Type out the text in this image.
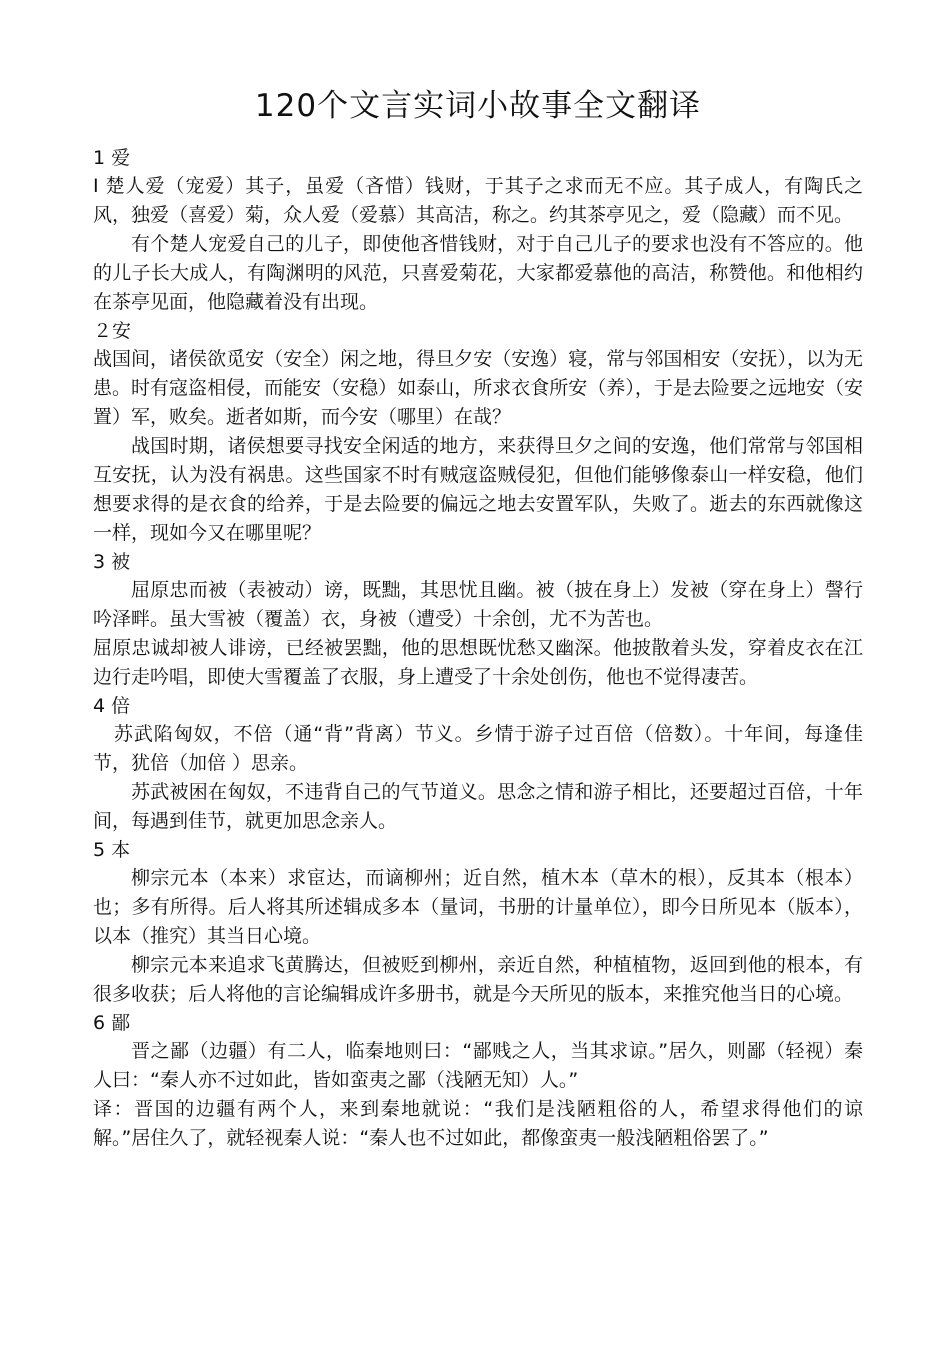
120个文言实词小故事全文翻译

1 爱

I 楚人爱（宠爱）其子，虽爱（吝惜）钱财，于其子之求而无不应。其子成人，有陶氏之风，独爱（喜爱）菊，众人爱（爱慕）其高洁，称之。约其茶亭见之，爱（隐藏）而不见。

有个楚人宠爱自己的儿子，即使他吝惜钱财，对于自己儿子的要求也没有不答应的。他的儿子长大成人，有陶渊明的风范，只喜爱菊花，大家都爱慕他的高洁，称赞他。和他相约在茶亭见面，他隐藏着没有出现。

２安

战国间，诸侯欲觅安（安全）闲之地，得旦夕安（安逸）寝，常与邻国相安（安抚），以为无患。时有寇盗相侵，而能安（安稳）如泰山，所求衣食所安（养），于是去险要之远地安（安置）军，败矣。逝者如斯，而今安（哪里）在哉？

战国时期，诸侯想要寻找安全闲适的地方，来获得旦夕之间的安逸，他们常常与邻国相互安抚，认为没有祸患。这些国家不时有贼寇盗贼侵犯，但他们能够像泰山一样安稳，他们想要求得的是衣食的给养，于是去险要的偏远之地去安置军队，失败了。逝去的东西就像这一样，现如今又在哪里呢？

3 被

屈原忠而被（表被动）谤，既黜，其思忧且幽。被（披在身上）发被（穿在身上）謦行吟泽畔。虽大雪被（覆盖）衣，身被（遭受）十余创，尤不为苦也。

屈原忠诚却被人诽谤，已经被罢黜，他的思想既忧愁又幽深。他披散着头发，穿着皮衣在江边行走吟唱，即使大雪覆盖了衣服，身上遭受了十余处创伤，他也不觉得凄苦。

4 倍

苏武陷匈奴，不倍（通“背”背离）节义。乡情于游子过百倍（倍数）。十年间，每逢佳节，犹倍（加倍 ）思亲。

苏武被困在匈奴，不违背自己的气节道义。思念之情和游子相比，还要超过百倍，十年间，每遇到佳节，就更加思念亲人。

5 本

柳宗元本（本来）求宦达，而谪柳州；近自然，植木本（草木的根），反其本（根本）也；多有所得。后人将其所述辑成多本（量词，书册的计量单位），即今日所见本（版本），以本（推究）其当日心境。

柳宗元本来追求飞黄腾达，但被贬到柳州，亲近自然，种植植物，返回到他的根本，有很多收获；后人将他的言论编辑成许多册书，就是今天所见的版本，来推究他当日的心境。

6 鄙

晋之鄙（边疆）有二人，临秦地则曰：“鄙贱之人，当其求谅。”居久，则鄙（轻视）秦人曰：“秦人亦不过如此，皆如蛮夷之鄙（浅陋无知）人。”

译：晋国的边疆有两个人，来到秦地就说：“我们是浅陋粗俗的人，希望求得他们的谅解。”居住久了，就轻视秦人说：“秦人也不过如此，都像蛮夷一般浅陋粗俗罢了。”
